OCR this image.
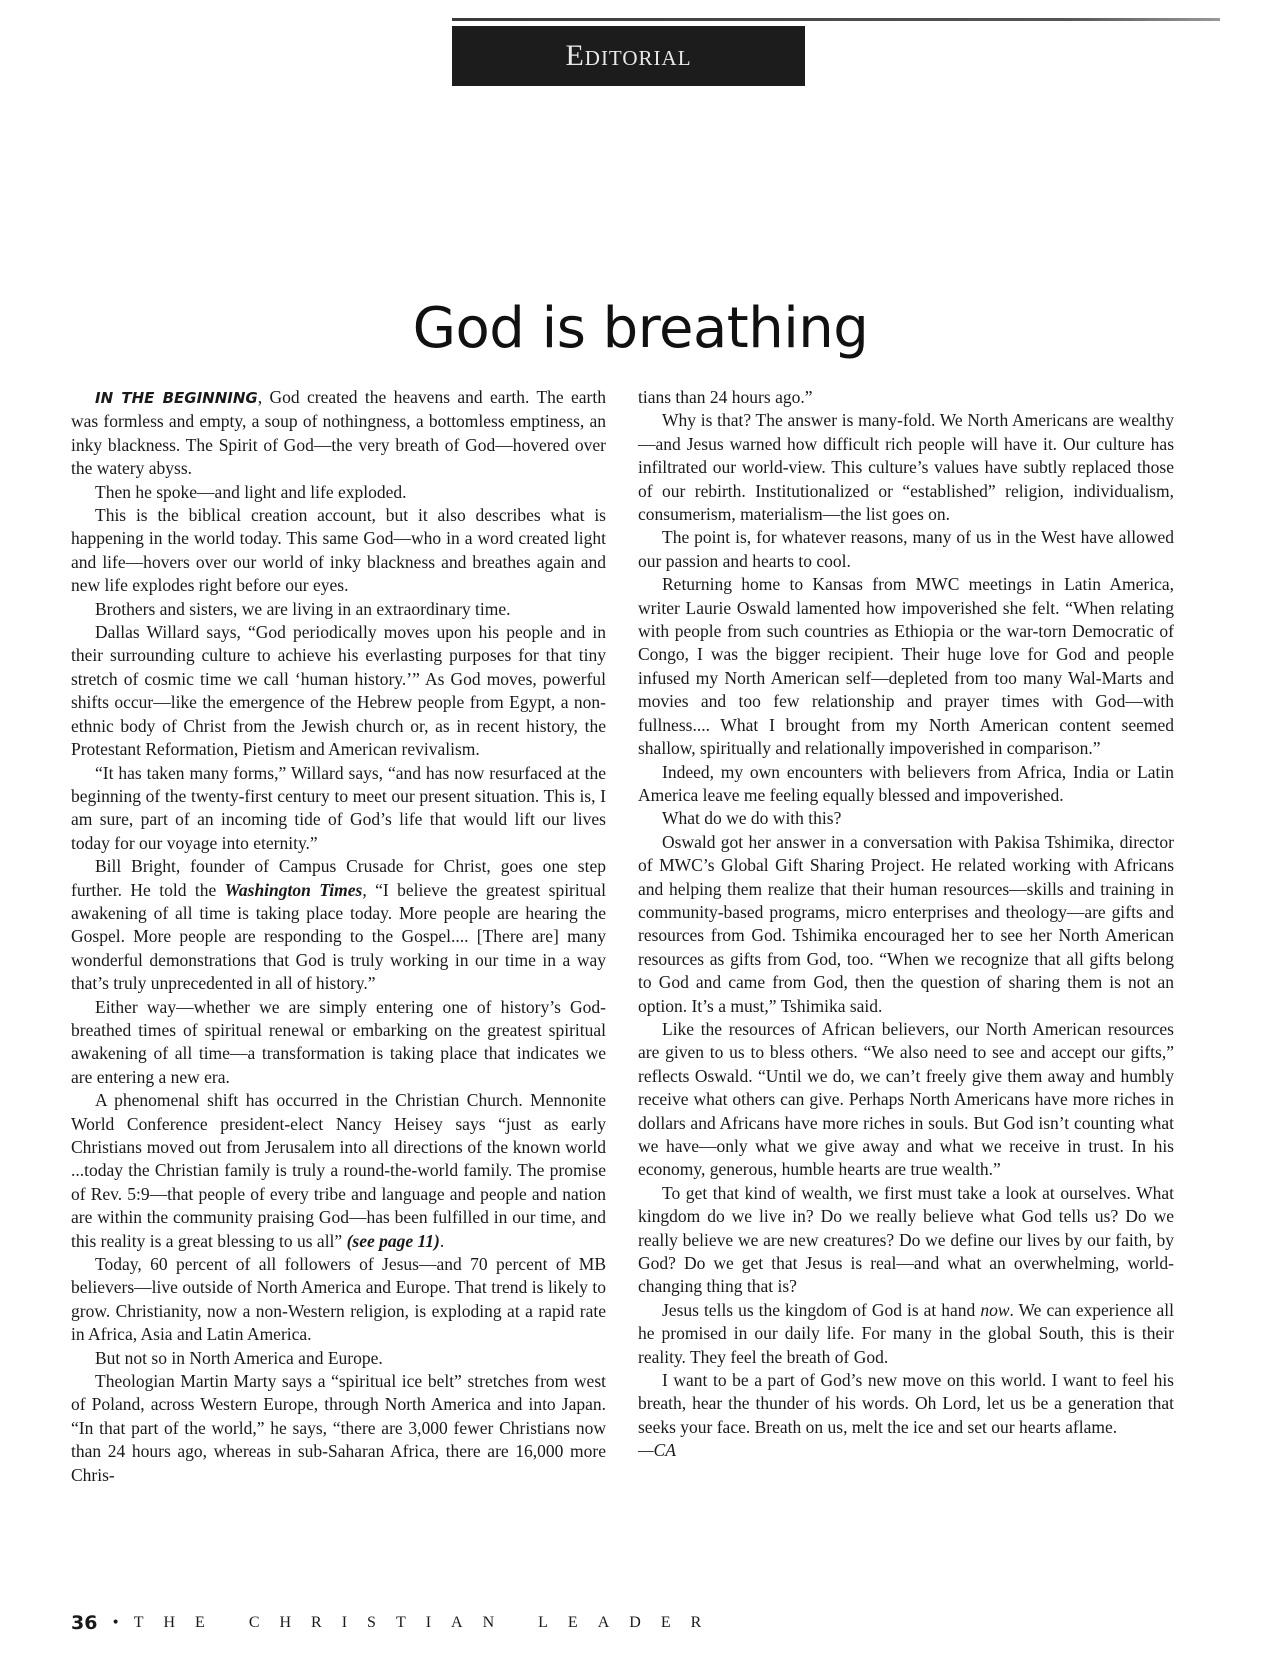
Editorial
God is breathing

IN THE BEGINNING, God created the heavens and earth. The earth was formless and empty, a soup of nothingness, a bottomless emptiness, an inky blackness. The Spirit of God—the very breath of God—hovered over the watery abyss.

Then he spoke—and light and life exploded.

This is the biblical creation account, but it also describes what is happening in the world today. This same God—who in a word created light and life—hovers over our world of inky blackness and breathes again and new life explodes right before our eyes.

Brothers and sisters, we are living in an extraordinary time.

Dallas Willard says, “God periodically moves upon his people and in their surrounding culture to achieve his everlasting purposes for that tiny stretch of cosmic time we call ‘human history.’” As God moves, powerful shifts occur—like the emergence of the Hebrew people from Egypt, a non-ethnic body of Christ from the Jewish church or, as in recent history, the Protestant Reformation, Pietism and American revivalism.

“It has taken many forms,” Willard says, “and has now resurfaced at the beginning of the twenty-first century to meet our present situation. This is, I am sure, part of an incoming tide of God’s life that would lift our lives today for our voyage into eternity.”

Bill Bright, founder of Campus Crusade for Christ, goes one step further. He told the Washington Times, “I believe the greatest spiritual awakening of all time is taking place today. More people are hearing the Gospel. More people are responding to the Gospel.... [There are] many wonderful demonstrations that God is truly working in our time in a way that’s truly unprecedented in all of history.”

Either way—whether we are simply entering one of history’s God-breathed times of spiritual renewal or embarking on the greatest spiritual awakening of all time—a transformation is taking place that indicates we are entering a new era.

A phenomenal shift has occurred in the Christian Church. Mennonite World Conference president-elect Nancy Heisey says “just as early Christians moved out from Jerusalem into all directions of the known world ...today the Christian family is truly a round-the-world family. The promise of Rev. 5:9—that people of every tribe and language and people and nation are within the community praising God—has been fulfilled in our time, and this reality is a great blessing to us all” (see page 11).

Today, 60 percent of all followers of Jesus—and 70 percent of MB believers—live outside of North America and Europe. That trend is likely to grow. Christianity, now a non-Western religion, is exploding at a rapid rate in Africa, Asia and Latin America.

But not so in North America and Europe.

Theologian Martin Marty says a “spiritual ice belt” stretches from west of Poland, across Western Europe, through North America and into Japan. “In that part of the world,” he says, “there are 3,000 fewer Christians now than 24 hours ago, whereas in sub-Saharan Africa, there are 16,000 more Chris-

tians than 24 hours ago.”

Why is that? The answer is many-fold. We North Americans are wealthy—and Jesus warned how difficult rich people will have it. Our culture has infiltrated our world-view. This culture’s values have subtly replaced those of our rebirth. Institutionalized or “established” religion, individualism, consumerism, materialism—the list goes on.

The point is, for whatever reasons, many of us in the West have allowed our passion and hearts to cool.

Returning home to Kansas from MWC meetings in Latin America, writer Laurie Oswald lamented how impoverished she felt. “When relating with people from such countries as Ethiopia or the war-torn Democratic of Congo, I was the bigger recipient. Their huge love for God and people infused my North American self—depleted from too many Wal-Marts and movies and too few relationship and prayer times with God—with fullness.... What I brought from my North American content seemed shallow, spiritually and relationally impoverished in comparison.”

Indeed, my own encounters with believers from Africa, India or Latin America leave me feeling equally blessed and impoverished.

What do we do with this?

Oswald got her answer in a conversation with Pakisa Tshimika, director of MWC’s Global Gift Sharing Project. He related working with Africans and helping them realize that their human resources—skills and training in community-based programs, micro enterprises and theology—are gifts and resources from God. Tshimika encouraged her to see her North American resources as gifts from God, too. “When we recognize that all gifts belong to God and came from God, then the question of sharing them is not an option. It’s a must,” Tshimika said.

Like the resources of African believers, our North American resources are given to us to bless others. “We also need to see and accept our gifts,” reflects Oswald. “Until we do, we can’t freely give them away and humbly receive what others can give. Perhaps North Americans have more riches in dollars and Africans have more riches in souls. But God isn’t counting what we have—only what we give away and what we receive in trust. In his economy, generous, humble hearts are true wealth.”

To get that kind of wealth, we first must take a look at ourselves. What kingdom do we live in? Do we really believe what God tells us? Do we really believe we are new creatures? Do we define our lives by our faith, by God? Do we get that Jesus is real—and what an overwhelming, world-changing thing that is?

Jesus tells us the kingdom of God is at hand now. We can experience all he promised in our daily life. For many in the global South, this is their reality. They feel the breath of God.

I want to be a part of God’s new move on this world. I want to feel his breath, hear the thunder of his words. Oh Lord, let us be a generation that seeks your face. Breath on us, melt the ice and set our hearts aflame.

—CA

36 • THE CHRISTIAN LEADER
